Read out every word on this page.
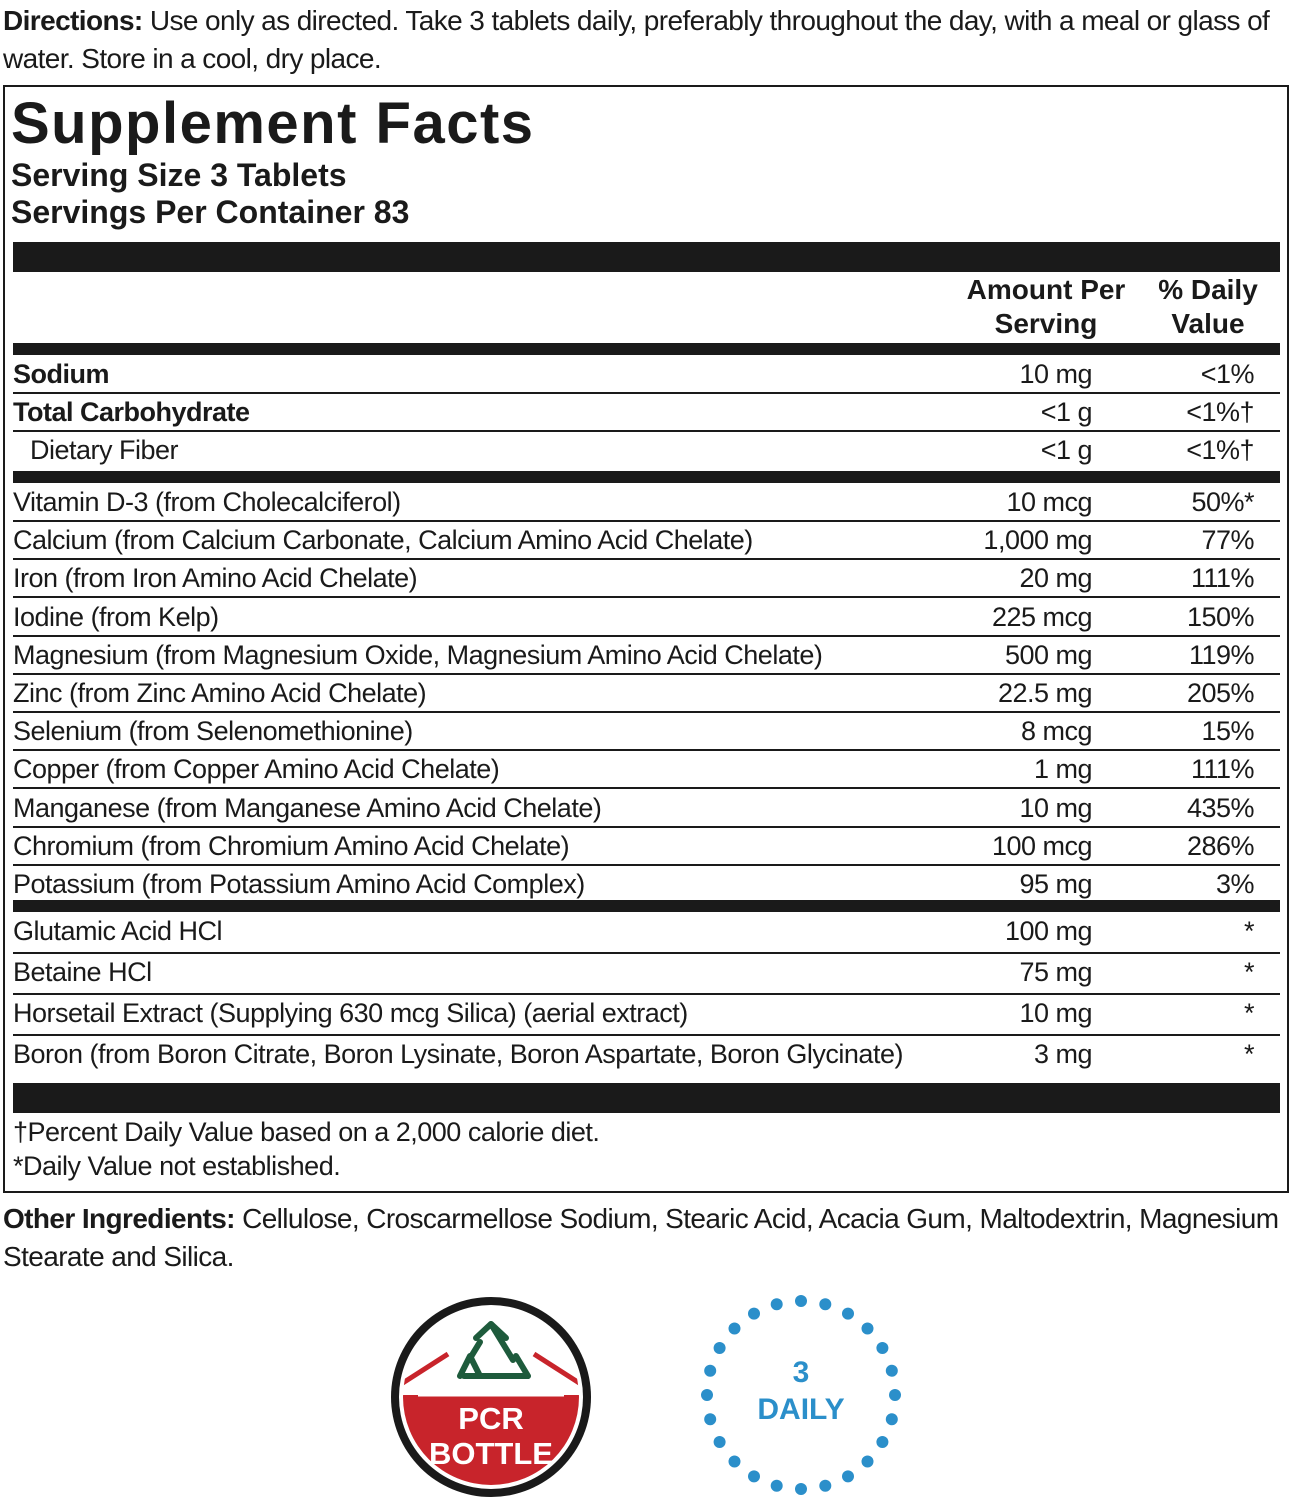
Directions: Use only as directed. Take 3 tablets daily, preferably throughout the day, with a meal or glass of water. Store in a cool, dry place.
Supplement Facts
Serving Size 3 Tablets
Servings Per Container 83
Amount Per
Serving
% Daily
Value
Sodium	10 mg	<1%
Total Carbohydrate	<1 g	<1%†
Dietary Fiber	<1 g	<1%†
Vitamin D-3 (from Cholecalciferol)	10 mcg	50%*
Calcium (from Calcium Carbonate, Calcium Amino Acid Chelate)	1,000 mg	77%
Iron (from Iron Amino Acid Chelate)	20 mg	111%
Iodine (from Kelp)	225 mcg	150%
Magnesium (from Magnesium Oxide, Magnesium Amino Acid Chelate)	500 mg	119%
Zinc (from Zinc Amino Acid Chelate)	22.5 mg	205%
Selenium (from Selenomethionine)	8 mcg	15%
Copper (from Copper Amino Acid Chelate)	1 mg	111%
Manganese (from Manganese Amino Acid Chelate)	10 mg	435%
Chromium (from Chromium Amino Acid Chelate)	100 mcg	286%
Potassium (from Potassium Amino Acid Complex)	95 mg	3%
Glutamic Acid HCl	100 mg	*
Betaine HCl	75 mg	*
Horsetail Extract (Supplying 630 mcg Silica) (aerial extract)	10 mg	*
Boron (from Boron Citrate, Boron Lysinate, Boron Aspartate, Boron Glycinate)	3 mg	*
†Percent Daily Value based on a 2,000 calorie diet.
*Daily Value not established.
Other Ingredients: Cellulose, Croscarmellose Sodium, Stearic Acid, Acacia Gum, Maltodextrin, Magnesium Stearate and Silica.
PCR
BOTTLE
3
DAILY
